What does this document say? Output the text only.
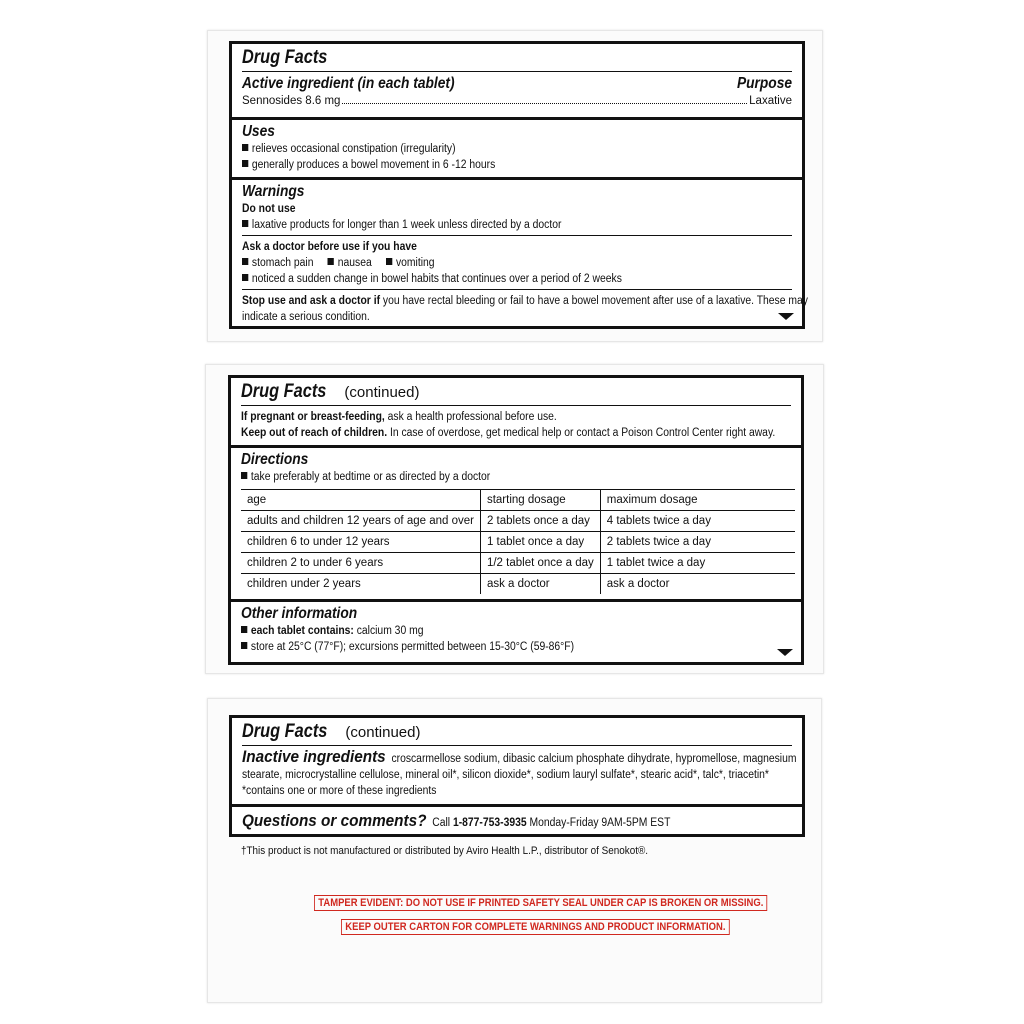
Drug Facts
Active ingredient (in each tablet)	Purpose
Sennosides 8.6 mg	Laxative
Uses
relieves occasional constipation (irregularity)
generally produces a bowel movement in 6 -12 hours
Warnings
Do not use
laxative products for longer than 1 week unless directed by a doctor
Ask a doctor before use if you have
stomach pain nausea vomiting
noticed a sudden change in bowel habits that continues over a period of 2 weeks
Stop use and ask a doctor if you have rectal bleeding or fail to have a bowel movement after use of a laxative. These may
indicate a serious condition.
Drug Facts (continued)
If pregnant or breast-feeding, ask a health professional before use.
Keep out of reach of children. In case of overdose, get medical help or contact a Poison Control Center right away.
Directions
take preferably at bedtime or as directed by a doctor
age	starting dosage	maximum dosage
adults and children 12 years of age and over	2 tablets once a day	4 tablets twice a day
children 6 to under 12 years	1 tablet once a day	2 tablets twice a day
children 2 to under 6 years	1/2 tablet once a day	1 tablet twice a day
children under 2 years	ask a doctor	ask a doctor
Other information
each tablet contains: calcium 30 mg
store at 25°C (77°F); excursions permitted between 15-30°C (59-86°F)
Drug Facts (continued)
Inactive ingredients croscarmellose sodium, dibasic calcium phosphate dihydrate, hypromellose, magnesium
stearate, microcrystalline cellulose, mineral oil*, silicon dioxide*, sodium lauryl sulfate*, stearic acid*, talc*, triacetin*
*contains one or more of these ingredients
Questions or comments? Call 1-877-753-3935 Monday-Friday 9AM-5PM EST
†This product is not manufactured or distributed by Aviro Health L.P., distributor of Senokot®.
TAMPER EVIDENT: DO NOT USE IF PRINTED SAFETY SEAL UNDER CAP IS BROKEN OR MISSING.
KEEP OUTER CARTON FOR COMPLETE WARNINGS AND PRODUCT INFORMATION.
